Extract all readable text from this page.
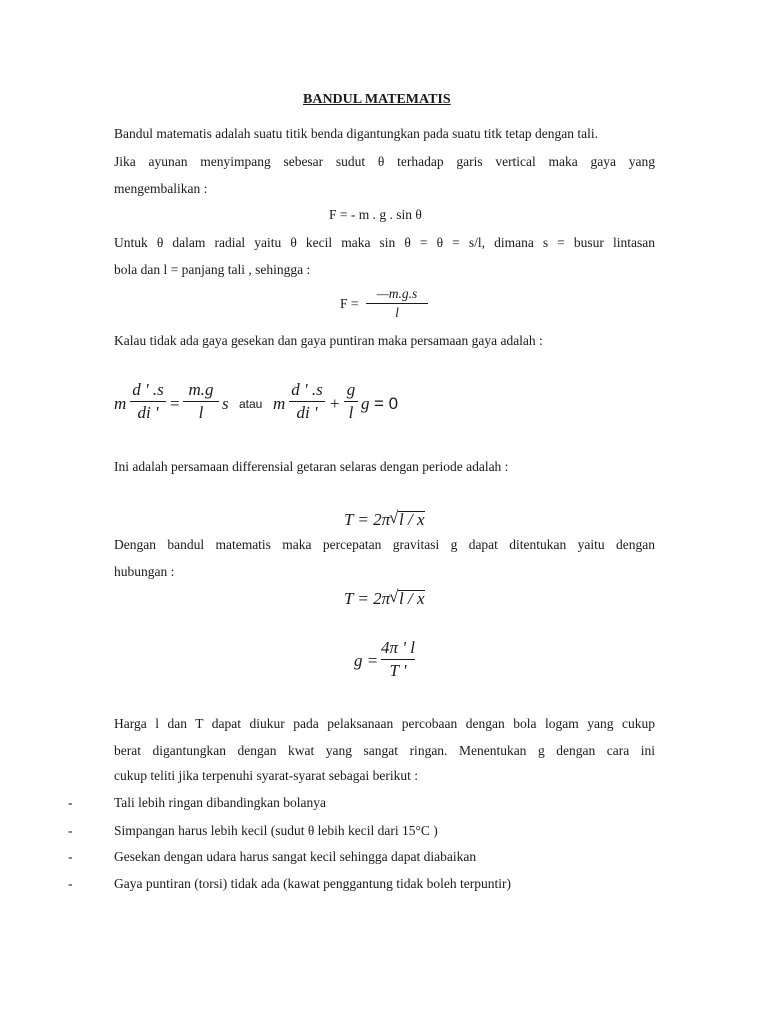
BANDUL MATEMATIS
Bandul matematis adalah suatu titik benda digantungkan pada suatu titk tetap dengan tali.
Jika ayunan menyimpang sebesar sudut θ terhadap garis vertical maka gaya yang
mengembalikan :
F = - m . g . sin θ
Untuk θ dalam radial yaitu θ kecil maka sin θ = θ = s/l, dimana s = busur lintasan
bola dan l = panjang tali , sehingga :
F =
—m.g.s
l
Kalau tidak ada gaya gesekan dan gaya puntiran maka persamaan gaya adalah :
m
d ' .s
di ' =
m.g
l	s atau m
d ' .s
di ' +
g
l g = 0
Ini adalah persamaan differensial getaran selaras dengan periode adalah :
T = 2π
√ l / x
Dengan bandul matematis maka percepatan gravitasi g dapat ditentukan yaitu dengan
hubungan :
T = 2π
√ l / x
g =
4π ' l
T '
Harga l dan T dapat diukur pada pelaksanaan percobaan dengan bola logam yang cukup
berat digantungkan dengan kwat yang sangat ringan. Menentukan g dengan cara ini
cukup teliti jika terpenuhi syarat-syarat sebagai berikut :
-	Tali lebih ringan dibandingkan bolanya
-	Simpangan harus lebih kecil (sudut θ lebih kecil dari 15°C )
-	Gesekan dengan udara harus sangat kecil sehingga dapat diabaikan
-	Gaya puntiran (torsi) tidak ada (kawat penggantung tidak boleh terpuntir)
